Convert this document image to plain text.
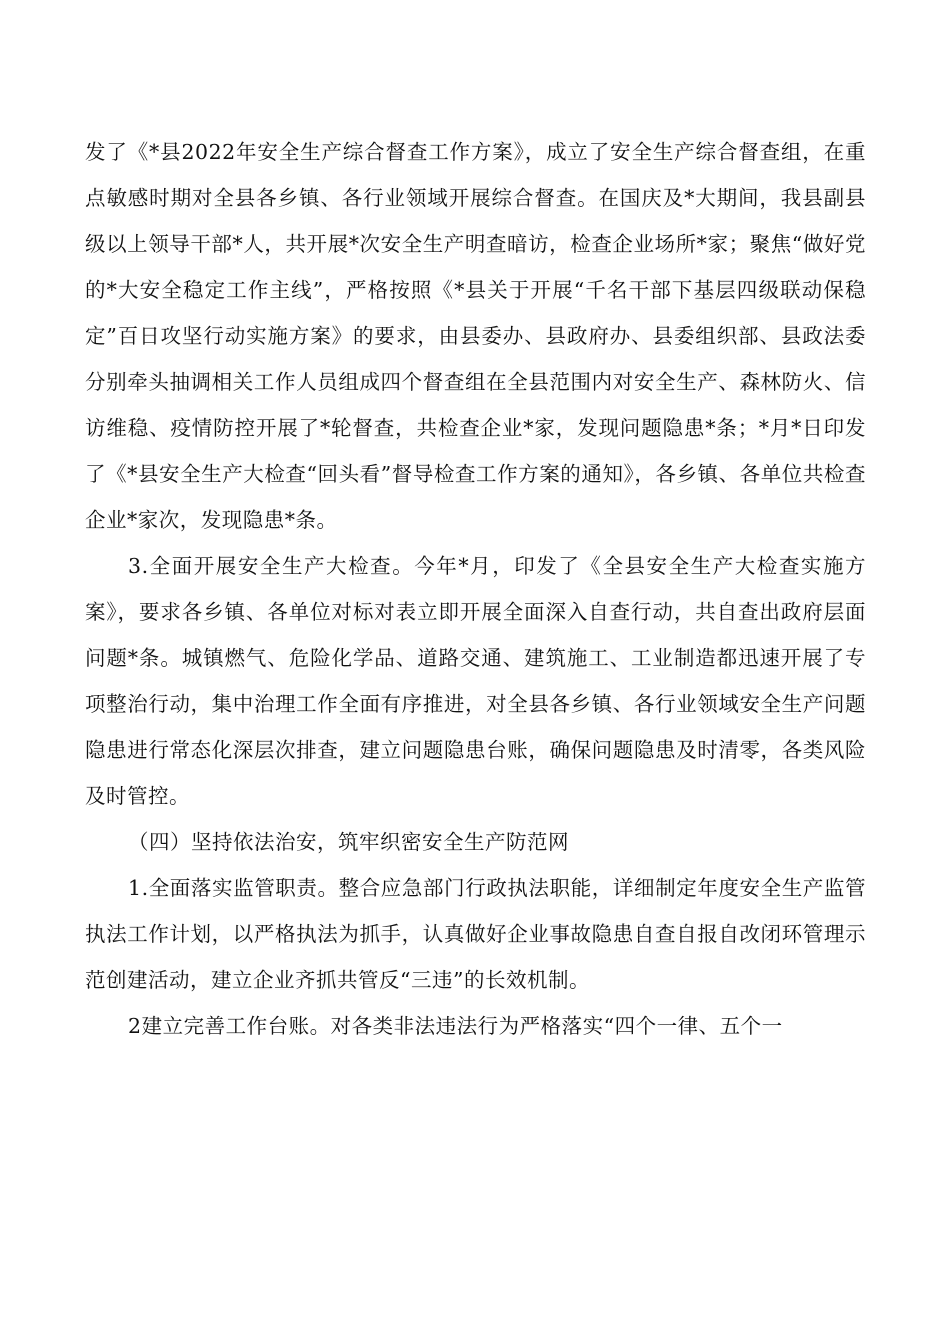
发了《*县2022年安全生产综合督查工作方案》，成立了安全生产综合督查组，在重点敏感时期对全县各乡镇、各行业领域开展综合督查。在国庆及*大期间，我县副县级以上领导干部*人，共开展*次安全生产明查暗访，检查企业场所*家；聚焦“做好党的*大安全稳定工作主线”，严格按照《*县关于开展“千名干部下基层四级联动保稳定”百日攻坚行动实施方案》的要求，由县委办、县政府办、县委组织部、县政法委分别牵头抽调相关工作人员组成四个督查组在全县范围内对安全生产、森林防火、信访维稳、疫情防控开展了*轮督查，共检查企业*家，发现问题隐患*条；*月*日印发了《*县安全生产大检查“回头看”督导检查工作方案的通知》，各乡镇、各单位共检查企业*家次，发现隐患*条。

3.全面开展安全生产大检查。今年*月，印发了《全县安全生产大检查实施方案》，要求各乡镇、各单位对标对表立即开展全面深入自查行动，共自查出政府层面问题*条。城镇燃气、危险化学品、道路交通、建筑施工、工业制造都迅速开展了专项整治行动，集中治理工作全面有序推进，对全县各乡镇、各行业领域安全生产问题隐患进行常态化深层次排查，建立问题隐患台账，确保问题隐患及时清零，各类风险及时管控。

（四）坚持依法治安，筑牢织密安全生产防范网

1.全面落实监管职责。整合应急部门行政执法职能，详细制定年度安全生产监管执法工作计划，以严格执法为抓手，认真做好企业事故隐患自查自报自改闭环管理示范创建活动，建立企业齐抓共管反“三违”的长效机制。

2建立完善工作台账。对各类非法违法行为严格落实“四个一律、五个一
